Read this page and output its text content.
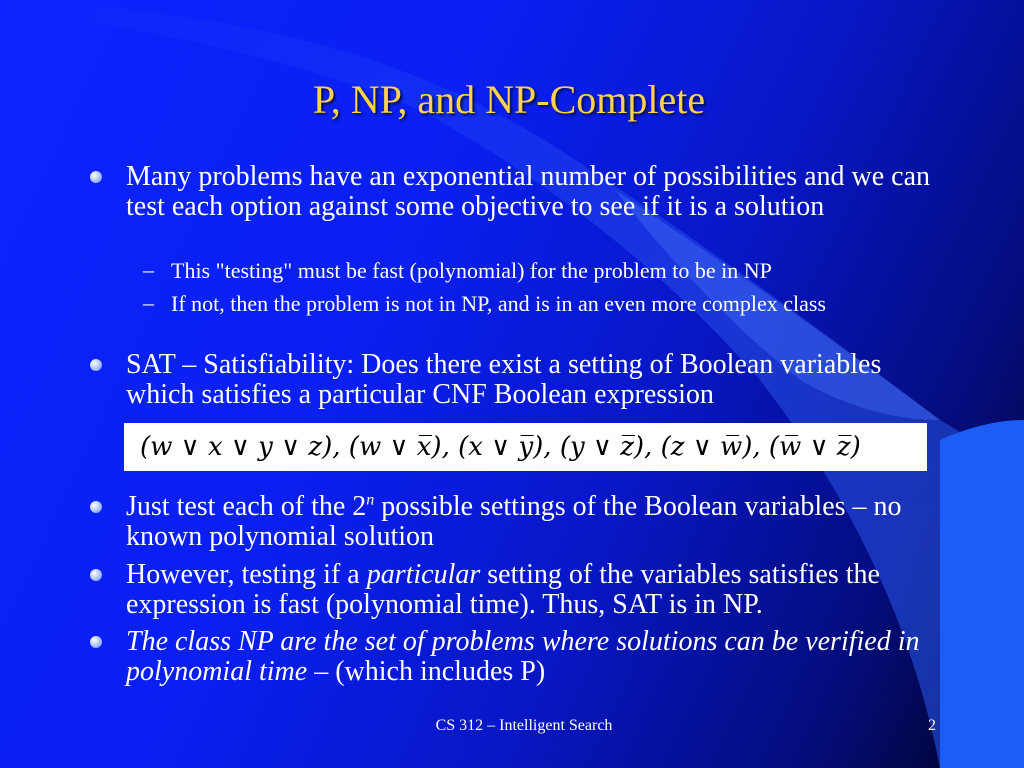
P, NP, and NP-Complete
Many problems have an exponential number of possibilities and we can test each option against some objective to see if it is a solution
– This "testing" must be fast (polynomial) for the problem to be in NP
– If not, then the problem is not in NP, and is in an even more complex class
SAT – Satisfiability: Does there exist a setting of Boolean variables which satisfies a particular CNF Boolean expression
(w ∨ x ∨ y ∨ z), (w ∨ x̅), (x ∨ y̅), (y ∨ z̅), (z ∨ w̅), (w̅ ∨ z̅)
Just test each of the 2$^n$ possible settings of the Boolean variables – no known polynomial solution
However, testing if a particular setting of the variables satisfies the expression is fast (polynomial time). Thus, SAT is in NP.
The class NP are the set of problems where solutions can be verified in polynomial time – (which includes P)
CS 312 – Intelligent Search	2
